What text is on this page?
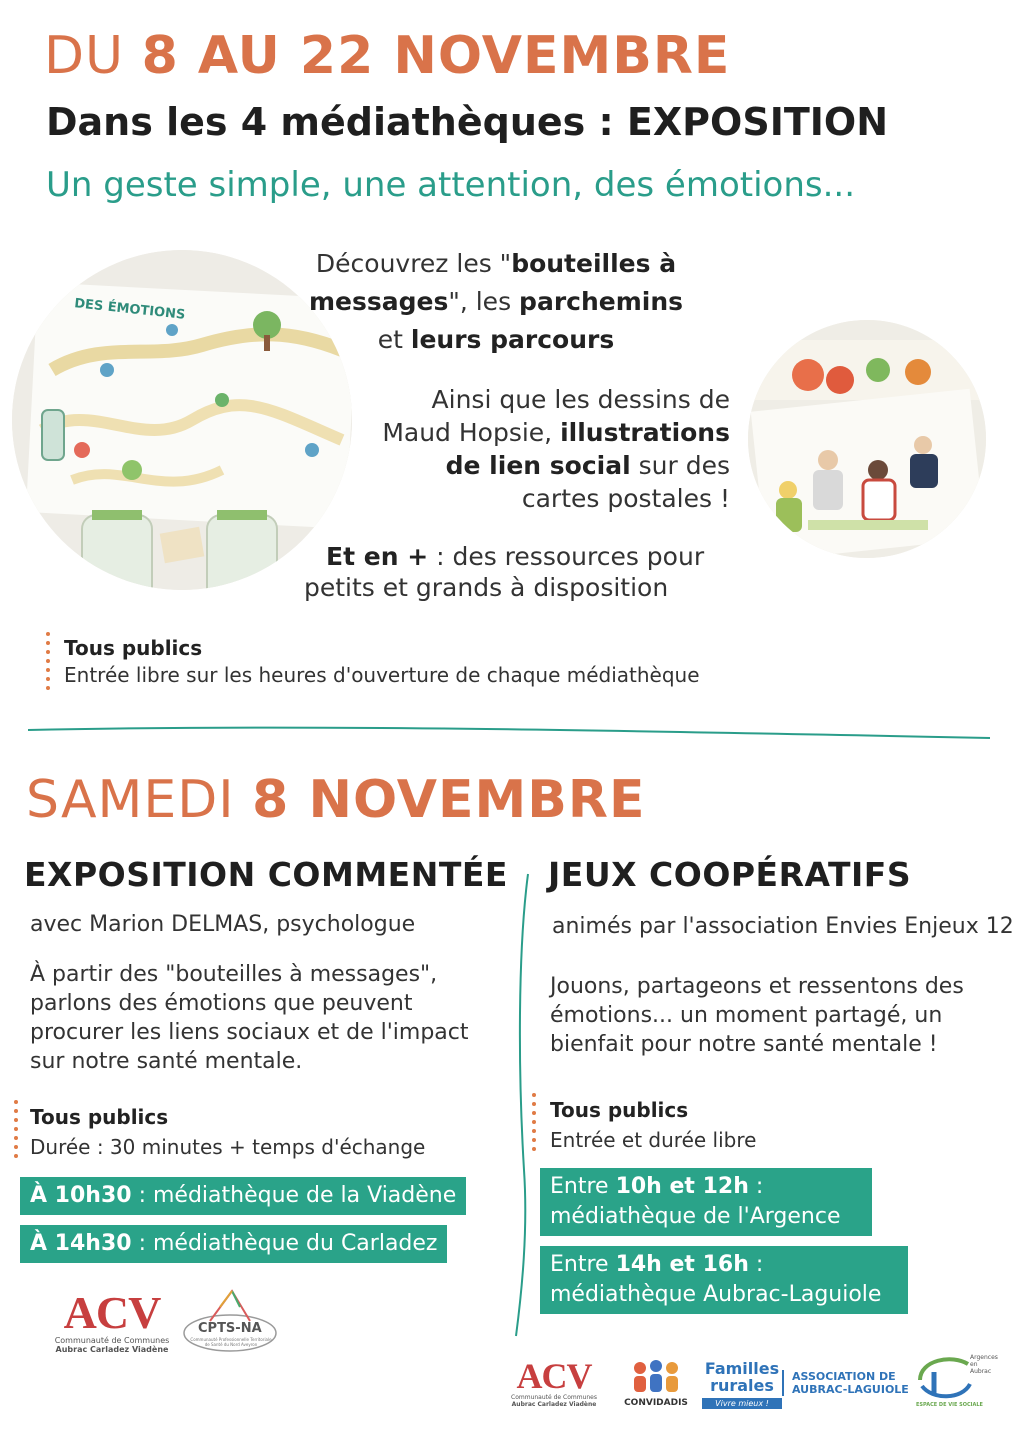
DU 8 AU 22 NOVEMBRE
Dans les 4 médiathèques : EXPOSITION
Un geste simple, une attention, des émotions...
DES ÉMOTIONS
Découvrez les "bouteilles à
messages", les parchemins
et leurs parcours
Ainsi que les dessins de
Maud Hopsie, illustrations
de lien social sur des
cartes postales !
Et en + : des ressources pour
petits et grands à disposition
Tous publics
Entrée libre sur les heures d'ouverture de chaque médiathèque
SAMEDI 8 NOVEMBRE
EXPOSITION COMMENTÉE
avec Marion DELMAS, psychologue
À partir des "bouteilles à messages",
parlons des émotions que peuvent
procurer les liens sociaux et de l'impact
sur notre santé mentale.
Tous publics
Durée : 30 minutes + temps d'échange
À 10h30 : médiathèque de la Viadène
À 14h30 : médiathèque du Carladez
JEUX COOPÉRATIFS
animés par l'association Envies Enjeux 12
Jouons, partageons et ressentons des
émotions... un moment partagé, un
bienfait pour notre santé mentale !
Tous publics
Entrée et durée libre
Entre 10h et 12h :
médiathèque de l'Argence
Entre 14h et 16h :
médiathèque Aubrac-Laguiole
ACV
Communauté de Communes
Aubrac Carladez Viadène
CPTS-NA
Communauté Professionnelle Territoriale de Santé du Nord Aveyron
ACV
Communauté de Communes
Aubrac Carladez Viadène	CONVIDADIS
Familles rurales
Vivre mieux !
ASSOCIATION DE
AUBRAC-LAGUIOLE
Argences
en
Aubrac
ESPACE DE VIE SOCIALE
